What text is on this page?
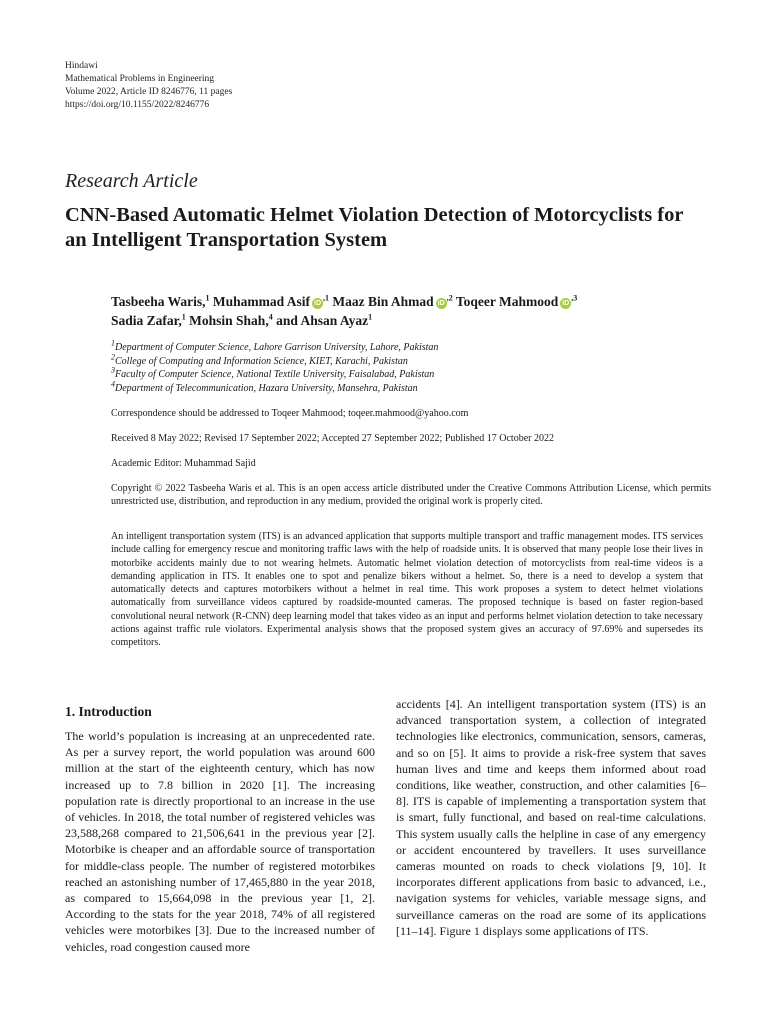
Hindawi
Mathematical Problems in Engineering
Volume 2022, Article ID 8246776, 11 pages
https://doi.org/10.1155/2022/8246776
Research Article
CNN-Based Automatic Helmet Violation Detection of Motorcyclists for an Intelligent Transportation System
Tasbeeha Waris,$^1$ Muhammad Asif $iD^{,1}$ Maaz Bin Ahmad $iD^{,2}$ Toqeer Mahmood $iD^{,3}$
Sadia Zafar,$^1$ Mohsin Shah,$^4$ and Ahsan Ayaz$^1$
$^1$Department of Computer Science, Lahore Garrison University, Lahore, Pakistan
$^2$College of Computing and Information Science, KIET, Karachi, Pakistan
$^3$Faculty of Computer Science, National Textile University, Faisalabad, Pakistan
$^4$Department of Telecommunication, Hazara University, Mansehra, Pakistan
Correspondence should be addressed to Toqeer Mahmood; toqeer.mahmood@yahoo.com
Received 8 May 2022; Revised 17 September 2022; Accepted 27 September 2022; Published 17 October 2022
Academic Editor: Muhammad Sajid
Copyright © 2022 Tasbeeha Waris et al. This is an open access article distributed under the Creative Commons Attribution License, which permits unrestricted use, distribution, and reproduction in any medium, provided the original work is properly cited.
An intelligent transportation system (ITS) is an advanced application that supports multiple transport and traffic management modes. ITS services include calling for emergency rescue and monitoring traffic laws with the help of roadside units. It is observed that many people lose their lives in motorbike accidents mainly due to not wearing helmets. Automatic helmet violation detection of motorcyclists from real-time videos is a demanding application in ITS. It enables one to spot and penalize bikers without a helmet. So, there is a need to develop a system that automatically detects and captures motorbikers without a helmet in real time. This work proposes a system to detect helmet violations automatically from surveillance videos captured by roadside-mounted cameras. The proposed technique is based on faster region-based convolutional neural network (R-CNN) deep learning model that takes video as an input and performs helmet violation detection to take necessary actions against traffic rule violators. Experimental analysis shows that the proposed system gives an accuracy of 97.69% and supersedes its competitors.
1. Introduction
The world’s population is increasing at an unprecedented rate. As per a survey report, the world population was around 600 million at the start of the eighteenth century, which has now increased up to 7.8 billion in 2020 [1]. The increasing population rate is directly proportional to an increase in the use of vehicles. In 2018, the total number of registered vehicles was 23,588,268 compared to 21,506,641 in the previous year [2]. Motorbike is cheaper and an affordable source of transportation for middle-class people. The number of registered motorbikes reached an astonishing number of 17,465,880 in the year 2018, as compared to 15,664,098 in the previous year [1, 2]. According to the stats for the year 2018, 74% of all registered vehicles were motorbikes [3]. Due to the increased number of vehicles, road congestion caused more
accidents [4]. An intelligent transportation system (ITS) is an advanced transportation system, a collection of integrated technologies like electronics, communication, sensors, cameras, and so on [5]. It aims to provide a risk-free system that saves human lives and time and keeps them informed about road conditions, like weather, construction, and other calamities [6–8]. ITS is capable of implementing a transportation system that is smart, fully functional, and based on real-time calculations. This system usually calls the helpline in case of any emergency or accident encountered by travellers. It uses surveillance cameras mounted on roads to check violations [9, 10]. It incorporates different applications from basic to advanced, i.e., navigation systems for vehicles, variable message signs, and surveillance cameras on the road are some of its applications [11–14]. Figure 1 displays some applications of ITS.
